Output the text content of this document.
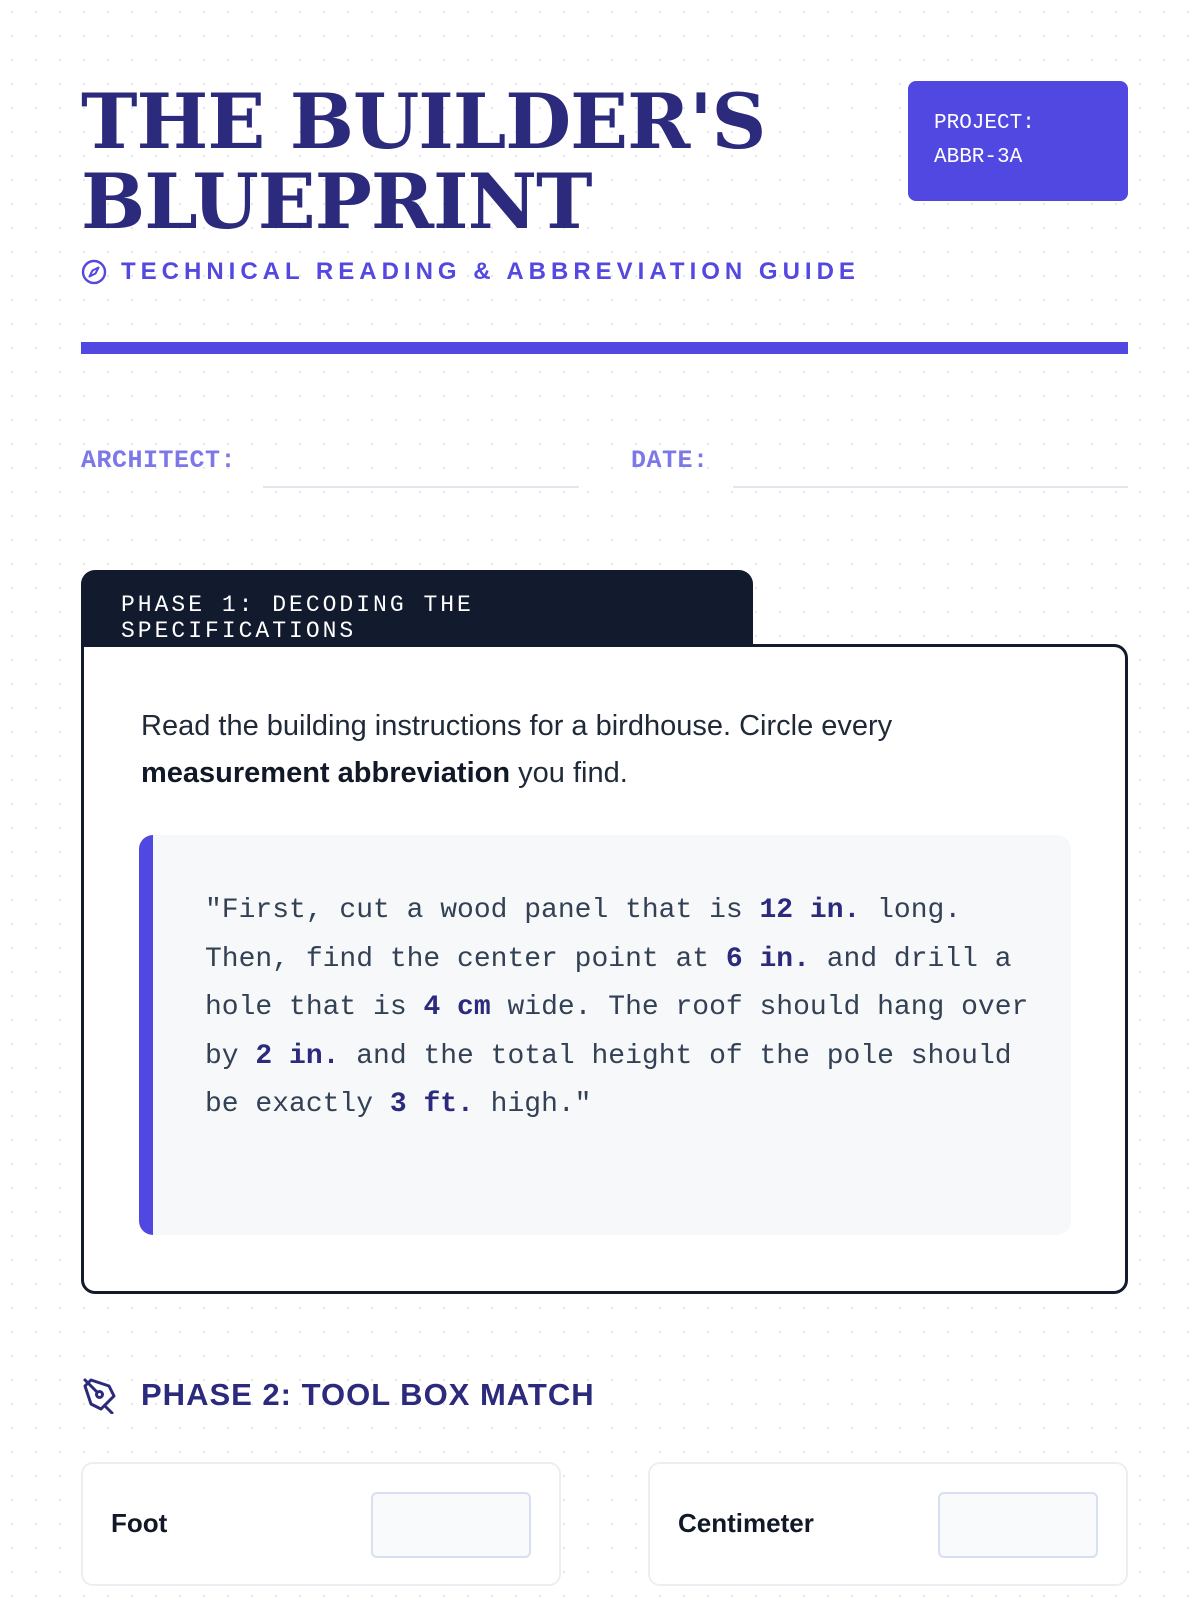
THE BUILDER'S
BLUEPRINT
TECHNICAL READING & ABBREVIATION GUIDE
PROJECT:
ABBR-3A
ARCHITECT:	DATE:
PHASE 1: DECODING THE SPECIFICATIONS

Read the building instructions for a birdhouse. Circle every measurement abbreviation you find.

"First, cut a wood panel that is 12 in. long. Then, find the center point at 6 in. and drill a hole that is 4 cm wide. The roof should hang over by 2 in. and the total height of the pole should be exactly 3 ft. high."
PHASE 2: TOOL BOX MATCH
Foot	Centimeter
